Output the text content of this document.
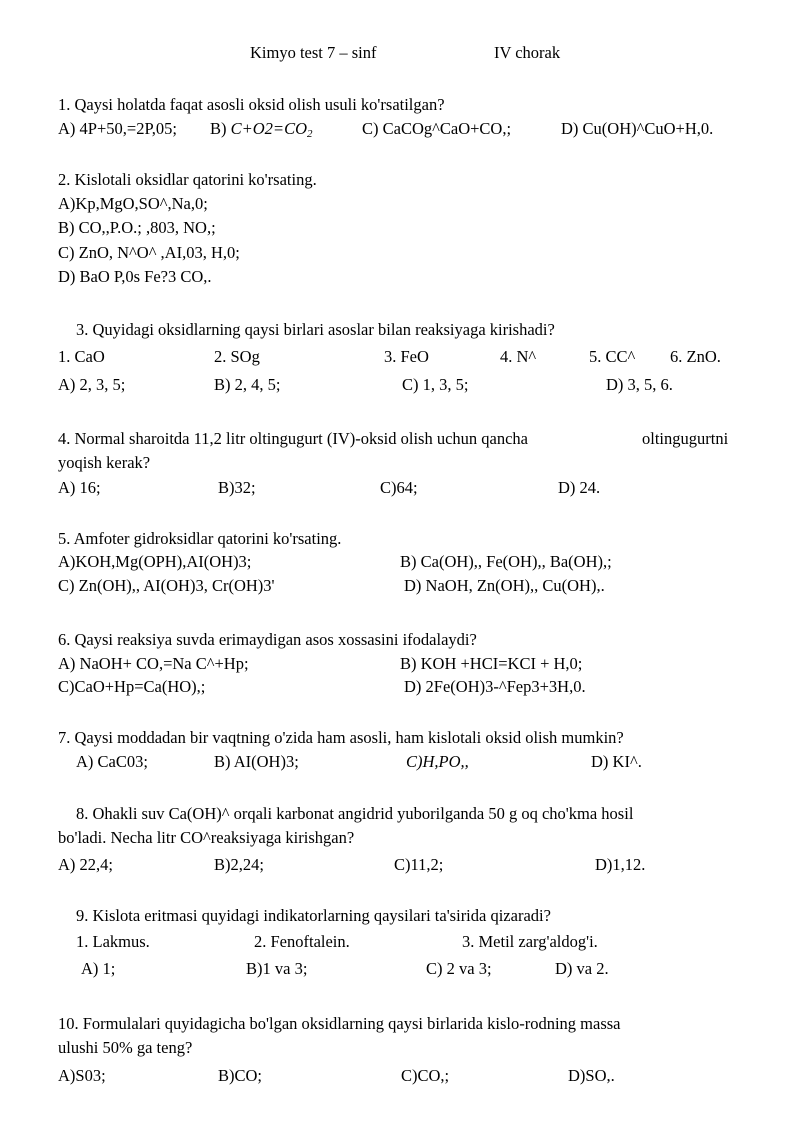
Kimyo test 7 – sinf	IV chorak
1. Qaysi holatda faqat asosli oksid olish usuli ko'rsatilgan?
A) 4P+50,=2P,05; B) $C+O2=CO_2$	C) CaCOg^CaO+CO,;	D) Cu(OH)^CuO+H,0.
2. Kislotali oksidlar qatorini ko'rsating.
A)Kp,MgO,SO^,Na,0;
B) CO,,P.O.; ,803, NO,;
C) ZnO, N^O^ ,AI,03, H,0;
D) BaO P,0s Fe?3 CO,.
3. Quyidagi oksidlarning qaysi birlari asoslar bilan reaksiyaga kirishadi?
1. CaO	2. SOg	3. FeO	4. N^	5. CC^ 6. ZnO.
A) 2, 3, 5;	B) 2, 4, 5;	C) 1, 3, 5;	D) 3, 5, 6.
4. Normal sharoitda 11,2 litr oltingugurt (IV)-oksid olish uchun qancha	oltingugurtni
yoqish kerak?
A) 16;	B)32;	C)64;	D) 24.
5. Amfoter gidroksidlar qatorini ko'rsating.
A)KOH,Mg(OPH),AI(OH)3;	B) Ca(OH),, Fe(OH),, Ba(OH),;
C) Zn(OH),, AI(OH)3, Cr(OH)3'	D) NaOH, Zn(OH),, Cu(OH),.
6. Qaysi reaksiya suvda erimaydigan asos xossasini ifodalaydi?
A) NaOH+ CO,=Na C^+Hp;	B) KOH +HCI=KCI + H,0;
C)CaO+Hp=Ca(HO),;	D) 2Fe(OH)3-^Fep3+3H,0.
7. Qaysi moddadan bir vaqtning o'zida ham asosli, ham kislotali oksid olish mumkin?
A) CaC03;	B) AI(OH)3;	C)H,PO,,	D) KI^.
8. Ohakli suv Ca(OH)^ orqali karbonat angidrid yuborilganda 50 g oq cho'kma hosil
bo'ladi. Necha litr CO^reaksiyaga kirishgan?
A) 22,4;	B)2,24;	C)11,2;	D)1,12.
9. Kislota eritmasi quyidagi indikatorlarning qaysilari ta'sirida qizaradi?
1. Lakmus.	2. Fenoftalein.	3. Metil zarg'aldog'i.
A) 1;	B)1 va 3;	C) 2 va 3;	D) va 2.
10. Formulalari quyidagicha bo'lgan oksidlarning qaysi birlarida kislo-rodning massa
ulushi 50% ga teng?
A)S03;	B)CO;	C)CO,;	D)SO,.
